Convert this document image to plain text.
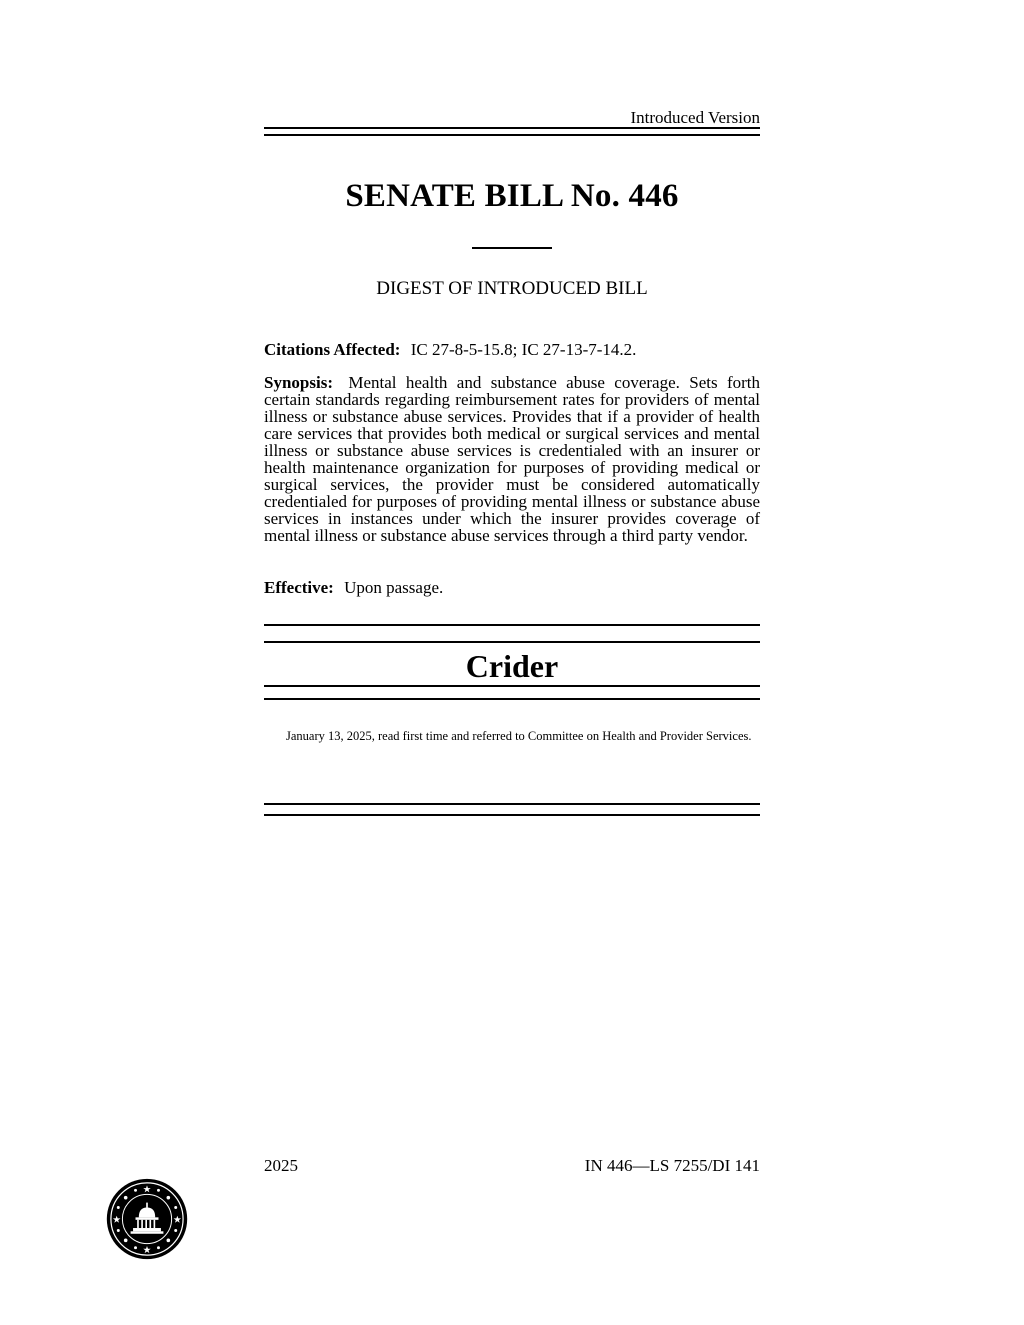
Introduced Version
SENATE BILL No. 446
DIGEST OF INTRODUCED BILL
Citations Affected: IC 27-8-5-15.8; IC 27-13-7-14.2.
Synopsis: Mental health and substance abuse coverage. Sets forth certain standards regarding reimbursement rates for providers of mental illness or substance abuse services. Provides that if a provider of health care services that provides both medical or surgical services and mental illness or substance abuse services is credentialed with an insurer or health maintenance organization for purposes of providing medical or surgical services, the provider must be considered automatically credentialed for purposes of providing mental illness or substance abuse services in instances under which the insurer provides coverage of mental illness or substance abuse services through a third party vendor.
Effective: Upon passage.
Crider
January 13, 2025, read first time and referred to Committee on Health and Provider Services.
2025	IN 446—LS 7255/DI 141
